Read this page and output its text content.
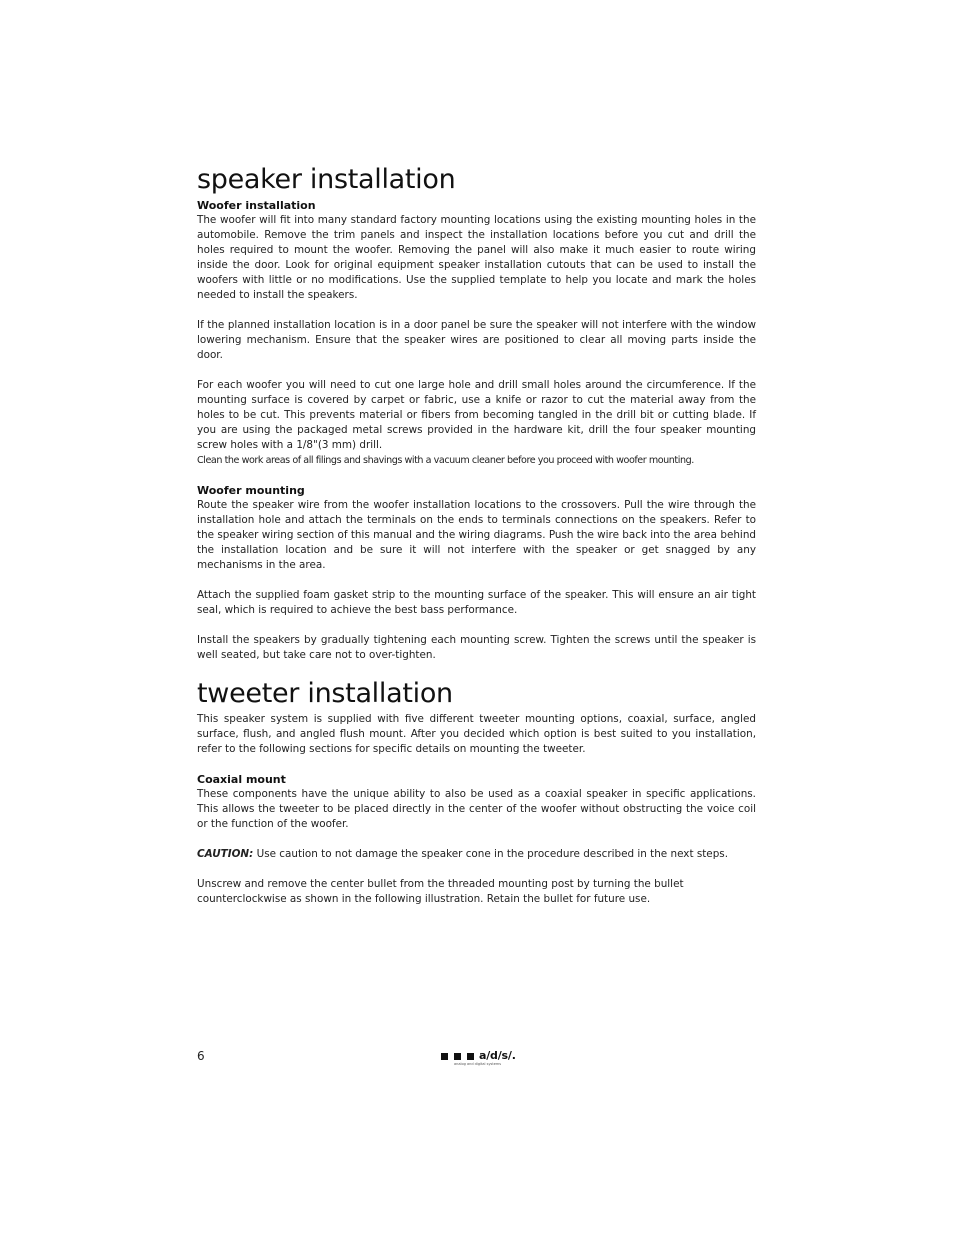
speaker installation
Woofer installation

The woofer will fit into many standard factory mounting locations using the existing mounting holes in the automobile. Remove the trim panels and inspect the installation locations before you cut and drill the holes required to mount the woofer. Removing the panel will also make it much easier to route wiring inside the door. Look for original equipment speaker installation cutouts that can be used to install the woofers with little or no modifications. Use the supplied template to help you locate and mark the holes needed to install the speakers.

If the planned installation location is in a door panel be sure the speaker will not interfere with the window lowering mechanism. Ensure that the speaker wires are positioned to clear all moving parts inside the door.

For each woofer you will need to cut one large hole and drill small holes around the circumference. If the mounting surface is covered by carpet or fabric, use a knife or razor to cut the material away from the holes to be cut. This prevents material or fibers from becoming tangled in the drill bit or cutting blade. If you are using the packaged metal screws provided in the hardware kit, drill the four speaker mounting screw holes with a 1/8"(3 mm) drill.

Clean the work areas of all filings and shavings with a vacuum cleaner before you proceed with woofer mounting.

Woofer mounting

Route the speaker wire from the woofer installation locations to the crossovers. Pull the wire through the installation hole and attach the terminals on the ends to terminals connections on the speakers. Refer to the speaker wiring section of this manual and the wiring diagrams. Push the wire back into the area behind the installation location and be sure it will not interfere with the speaker or get snagged by any mechanisms in the area.

Attach the supplied foam gasket strip to the mounting surface of the speaker. This will ensure an air tight seal, which is required to achieve the best bass performance.

Install the speakers by gradually tightening each mounting screw. Tighten the screws until the speaker is well seated, but take care not to over-tighten.

tweeter installation

This speaker system is supplied with five different tweeter mounting options, coaxial, surface, angled surface, flush, and angled flush mount. After you decided which option is best suited to you installation, refer to the following sections for specific details on mounting the tweeter.

Coaxial mount

These components have the unique ability to also be used as a coaxial speaker in specific applications. This allows the tweeter to be placed directly in the center of the woofer without obstructing the voice coil or the function of the woofer.

CAUTION: Use caution to not damage the speaker cone in the procedure described in the next steps.

Unscrew and remove the center bullet from the threaded mounting post by turning the bullet
counterclockwise as shown in the following illustration. Retain the bullet for future use.

6	a/d/s/.
analog and digital systems
